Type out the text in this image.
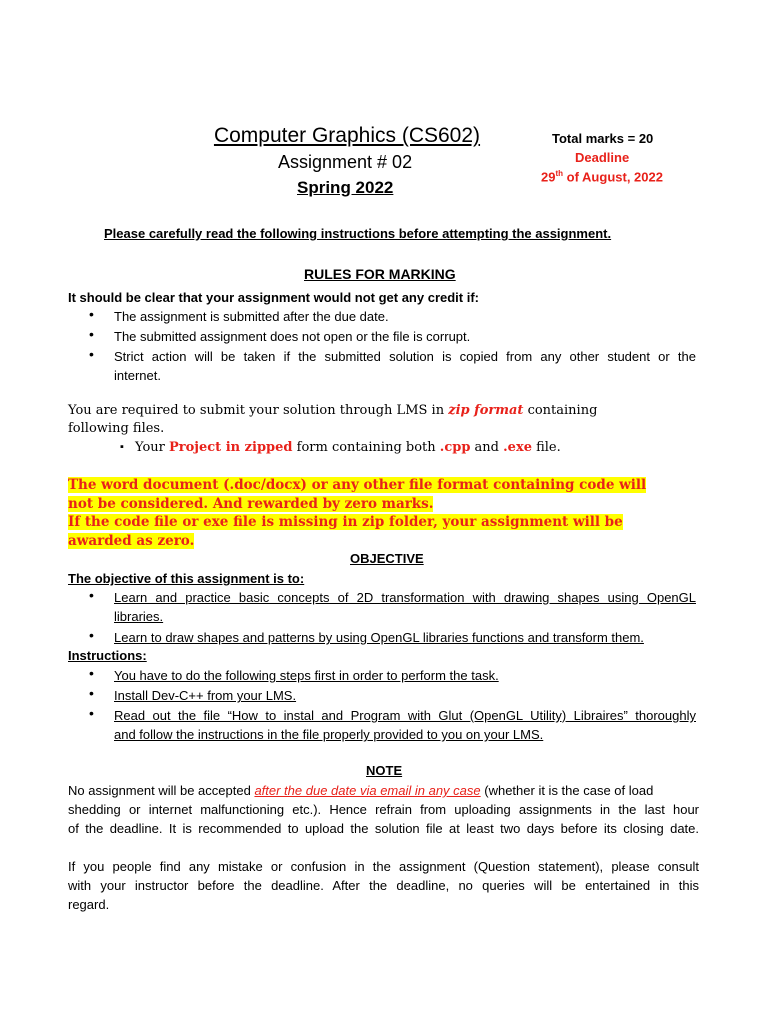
Computer Graphics (CS602)
Assignment # 02
Spring 2022
Total marks = 20
Deadline
29th of August, 2022
Please carefully read the following instructions before attempting the assignment.
RULES FOR MARKING
It should be clear that your assignment would not get any credit if:
• The assignment is submitted after the due date.
• The submitted assignment does not open or the file is corrupt.
• Strict action will be taken if the submitted solution is copied from any other student or the
internet.
You are required to submit your solution through LMS in zip format containing
following files.
▪ Your Project in zipped form containing both .cpp and .exe file.
The word document (.doc/docx) or any other file format containing code will
not be considered. And rewarded by zero marks.
If the code file or exe file is missing in zip folder, your assignment will be
awarded as zero.
OBJECTIVE
The objective of this assignment is to:
• Learn and practice basic concepts of 2D transformation with drawing shapes using OpenGL
libraries.
• Learn to draw shapes and patterns by using OpenGL libraries functions and transform them.
Instructions:
• You have to do the following steps first in order to perform the task.
• Install Dev-C++ from your LMS.
• Read out the file “How to instal and Program with Glut (OpenGL Utility) Libraires” thoroughly
and follow the instructions in the file properly provided to you on your LMS.
NOTE
No assignment will be accepted after the due date via email in any case (whether it is the case of load
shedding or internet malfunctioning etc.). Hence refrain from uploading assignments in the last hour
of the deadline. It is recommended to upload the solution file at least two days before its closing date.
If you people find any mistake or confusion in the assignment (Question statement), please consult
with your instructor before the deadline. After the deadline, no queries will be entertained in this
regard.
